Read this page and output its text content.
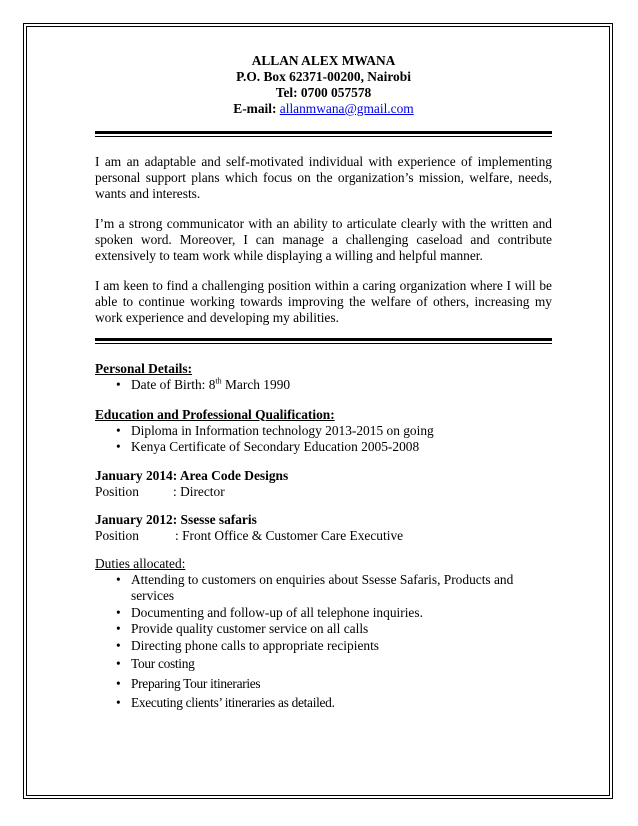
ALLAN ALEX MWANA
P.O. Box 62371-00200, Nairobi
Tel: 0700 057578
E-mail: allanmwana@gmail.com

I am an adaptable and self-motivated individual with experience of implementing personal support plans which focus on the organization’s mission, welfare, needs, wants and interests.

I’m a strong communicator with an ability to articulate clearly with the written and spoken word. Moreover, I can manage a challenging caseload and contribute extensively to team work while displaying a willing and helpful manner.

I am keen to find a challenging position within a caring organization where I will be able to continue working towards improving the welfare of others, increasing my work experience and developing my abilities.

Personal Details:
• Date of Birth: 8th March 1990
Education and Professional Qualification:
• Diploma in Information technology 2013-2015 on going
• Kenya Certificate of Secondary Education 2005-2008
January 2014: Area Code Designs
Position	: Director
January 2012: Ssesse safaris
Position	: Front Office & Customer Care Executive
Duties allocated:
• Attending to customers on enquiries about Ssesse Safaris, Products and services
• Documenting and follow-up of all telephone inquiries.
• Provide quality customer service on all calls
• Directing phone calls to appropriate recipients
• Tour costing
• Preparing Tour itineraries
• Executing clients’ itineraries as detailed.
